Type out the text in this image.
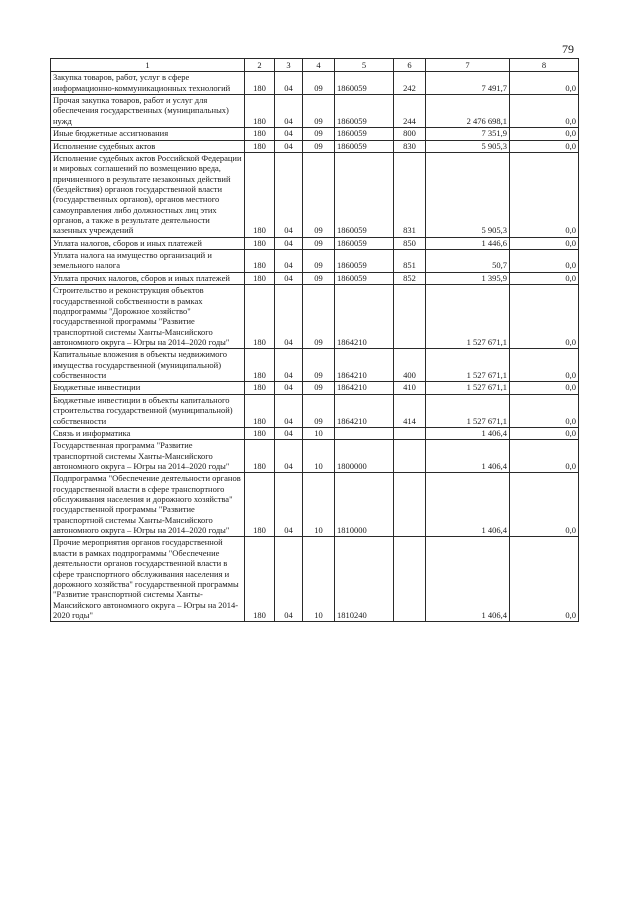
79
1	2	3	4	5	6	7	8
Закупка товаров, работ, услуг в сфере информационно-коммуникационных технологий	180	04	09	1860059	242	7 491,7	0,0
Прочая закупка товаров, работ и услуг для обеспечения государственных (муниципальных) нужд	180	04	09	1860059	244	2 476 698,1	0,0
Иные бюджетные ассигнования	180	04	09	1860059	800	7 351,9	0,0
Исполнение судебных актов	180	04	09	1860059	830	5 905,3	0,0
Исполнение судебных актов Российской Федерации и мировых соглашений по возмещению вреда, причиненного в результате незаконных действий (бездействия) органов государственной власти (государственных органов), органов местного самоуправления либо должностных лиц этих органов, а также в результате деятельности казенных учреждений	180	04	09	1860059	831	5 905,3	0,0
Уплата налогов, сборов и иных платежей	180	04	09	1860059	850	1 446,6	0,0
Уплата налога на имущество организаций и земельного налога	180	04	09	1860059	851	50,7	0,0
Уплата прочих налогов, сборов и иных платежей	180	04	09	1860059	852	1 395,9	0,0
Строительство и реконструкция объектов государственной собственности в рамках подпрограммы "Дорожное хозяйство" государственной программы "Развитие транспортной системы Ханты-Мансийского автономного округа – Югры на 2014–2020 годы"	180	04	09	1864210		1 527 671,1	0,0
Капитальные вложения в объекты недвижимого имущества государственной (муниципальной) собственности	180	04	09	1864210	400	1 527 671,1	0,0
Бюджетные инвестиции	180	04	09	1864210	410	1 527 671,1	0,0
Бюджетные инвестиции в объекты капитального строительства государственной (муниципальной) собственности	180	04	09	1864210	414	1 527 671,1	0,0
Связь и информатика	180	04	10			1 406,4	0,0
Государственная программа "Развитие транспортной системы Ханты-Мансийского автономного округа – Югры на 2014–2020 годы"	180	04	10	1800000		1 406,4	0,0
Подпрограмма "Обеспечение деятельности органов государственной власти в сфере транспортного обслуживания населения и дорожного хозяйства" государственной программы "Развитие транспортной системы Ханты-Мансийского автономного округа – Югры на 2014–2020 годы"	180	04	10	1810000		1 406,4	0,0
Прочие мероприятия органов государственной власти в рамках подпрограммы "Обеспечение деятельности органов государственной власти в сфере транспортного обслуживания населения и дорожного хозяйства" государственной программы "Развитие транспортной системы Ханты-Мансийского автономного округа – Югры на 2014- 2020 годы"	180	04	10	1810240		1 406,4	0,0
